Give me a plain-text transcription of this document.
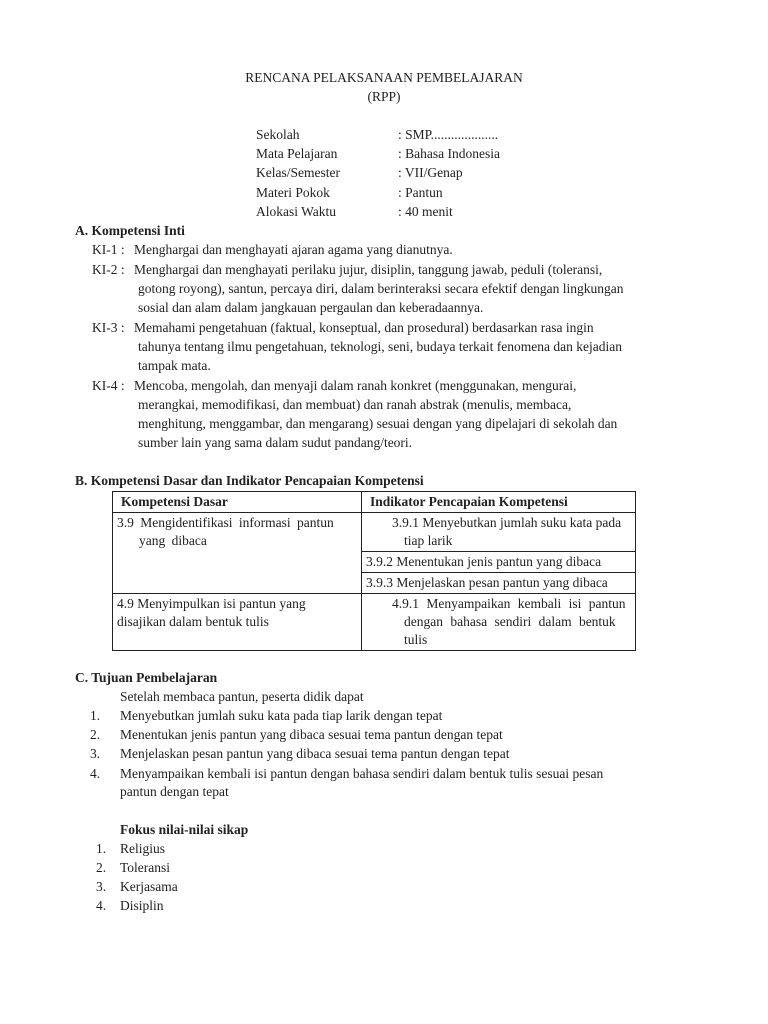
RENCANA PELAKSANAAN PEMBELAJARAN
(RPP)
Sekolah	: SMP....................
Mata Pelajaran	: Bahasa Indonesia
Kelas/Semester	: VII/Genap
Materi Pokok	: Pantun
Alokasi Waktu	: 40 menit
A. Kompetensi Inti
KI-1 : Menghargai dan menghayati ajaran agama yang dianutnya.
KI-2 : Menghargai dan menghayati perilaku jujur, disiplin, tanggung jawab, peduli (toleransi,
gotong royong), santun, percaya diri, dalam berinteraksi secara efektif dengan lingkungan
sosial dan alam dalam jangkauan pergaulan dan keberadaannya.
KI-3 : Memahami pengetahuan (faktual, konseptual, dan prosedural) berdasarkan rasa ingin
tahunya tentang ilmu pengetahuan, teknologi, seni, budaya terkait fenomena dan kejadian
tampak mata.
KI-4 : Mencoba, mengolah, dan menyaji dalam ranah konkret (menggunakan, mengurai,
merangkai, memodifikasi, dan membuat) dan ranah abstrak (menulis, membaca,
menghitung, menggambar, dan mengarang) sesuai dengan yang dipelajari di sekolah dan
sumber lain yang sama dalam sudut pandang/teori.
B. Kompetensi Dasar dan Indikator Pencapaian Kompetensi
Kompetensi Dasar	Indikator Pencapaian Kompetensi
3.9 Mengidentifikasi informasi pantun yang dibaca	3.9.1 Menyebutkan jumlah suku kata pada tiap larik
	3.9.2 Menentukan jenis pantun yang dibaca
	3.9.3 Menjelaskan pesan pantun yang dibaca
4.9 Menyimpulkan isi pantun yang disajikan dalam bentuk tulis	4.9.1 Menyampaikan kembali isi pantun dengan bahasa sendiri dalam bentuk tulis
C. Tujuan Pembelajaran
Setelah membaca pantun, peserta didik dapat
1. Menyebutkan jumlah suku kata pada tiap larik dengan tepat
2. Menentukan jenis pantun yang dibaca sesuai tema pantun dengan tepat
3. Menjelaskan pesan pantun yang dibaca sesuai tema pantun dengan tepat
4. Menyampaikan kembali isi pantun dengan bahasa sendiri dalam bentuk tulis sesuai pesan
pantun dengan tepat
Fokus nilai-nilai sikap
1. Religius
2. Toleransi
3. Kerjasama
4. Disiplin
